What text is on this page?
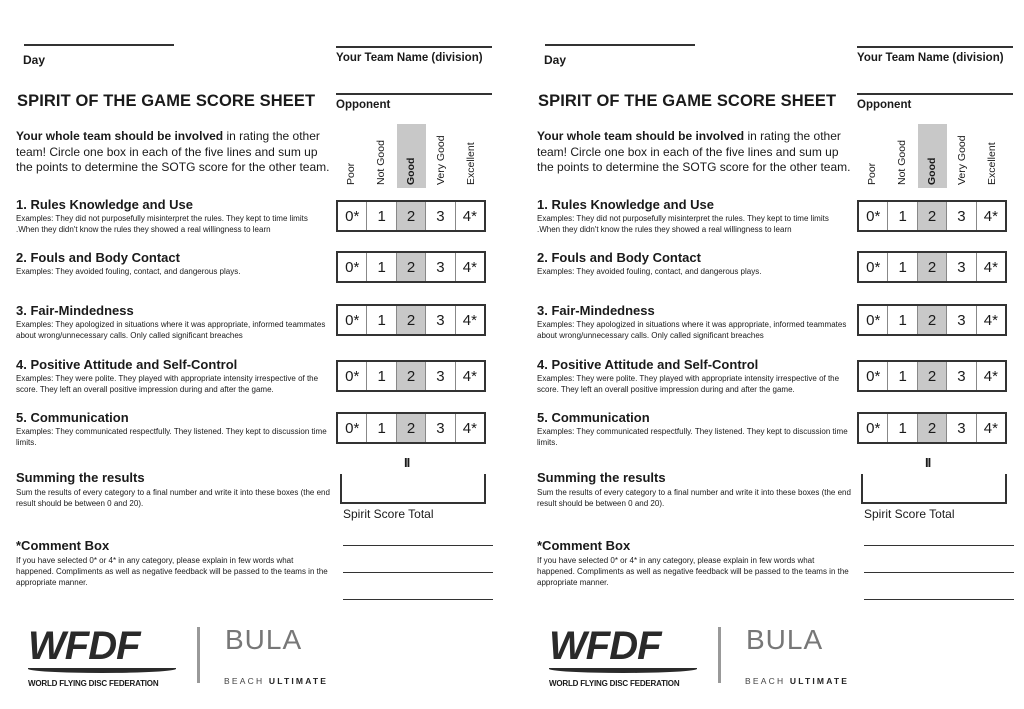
Day	Your Team Name (division)
SPIRIT OF THE GAME SCORE SHEET Opponent
Your whole team should be involved in rating the other team! Circle one box in each of the five lines and sum up the points to determine the SOTG score for the other team.	Poor Not Good Good Very Good Excellent
1. Rules Knowledge and Use
Examples: They did not purposefully misinterpret the rules. They kept to time limits .When they didn't know the rules they showed a real willingness to learn
0*	1	2	3	4*
2. Fouls and Body Contact
Examples: They avoided fouling, contact, and dangerous plays.	0*	1	2	3	4*
3. Fair-Mindedness
Examples: They apologized in situations where it was appropriate, informed teammates about wrong/unnecessary calls. Only called significant breaches
0*	1	2	3	4*
4. Positive Attitude and Self-Control
Examples: They were polite. They played with appropriate intensity irrespective of the score. They left an overall positive impression during and after the game.
0*	1	2	3	4*
5. Communication
Examples: They communicated respectfully. They listened. They kept to discussion time limits.
0*	1	2	3	4*
II
Summing the results
Sum the results of every category to a final number and write it into these boxes (the end result should be between 0 and 20).
Spirit Score Total
*Comment Box
If you have selected 0* or 4* in any category, please explain in few words what happened. Compliments as well as negative feedback will be passed to the teams in the appropriate manner.
WFDF
WORLD FLYING DISC FEDERATION
BULA
BEACH ULTIMATE
Day	Your Team Name (division)
SPIRIT OF THE GAME SCORE SHEET Opponent
Your whole team should be involved in rating the other team! Circle one box in each of the five lines and sum up the points to determine the SOTG score for the other team.	Poor Not Good Good Very Good Excellent
1. Rules Knowledge and Use
Examples: They did not purposefully misinterpret the rules. They kept to time limits .When they didn't know the rules they showed a real willingness to learn
0*	1	2	3	4*
2. Fouls and Body Contact
Examples: They avoided fouling, contact, and dangerous plays.	0*	1	2	3	4*
3. Fair-Mindedness
Examples: They apologized in situations where it was appropriate, informed teammates about wrong/unnecessary calls. Only called significant breaches
0*	1	2	3	4*
4. Positive Attitude and Self-Control
Examples: They were polite. They played with appropriate intensity irrespective of the score. They left an overall positive impression during and after the game.
0*	1	2	3	4*
5. Communication
Examples: They communicated respectfully. They listened. They kept to discussion time limits.
0*	1	2	3	4*
II
Summing the results
Sum the results of every category to a final number and write it into these boxes (the end result should be between 0 and 20).
Spirit Score Total
*Comment Box
If you have selected 0* or 4* in any category, please explain in few words what happened. Compliments as well as negative feedback will be passed to the teams in the appropriate manner.
WFDF
WORLD FLYING DISC FEDERATION
BULA
BEACH ULTIMATE
